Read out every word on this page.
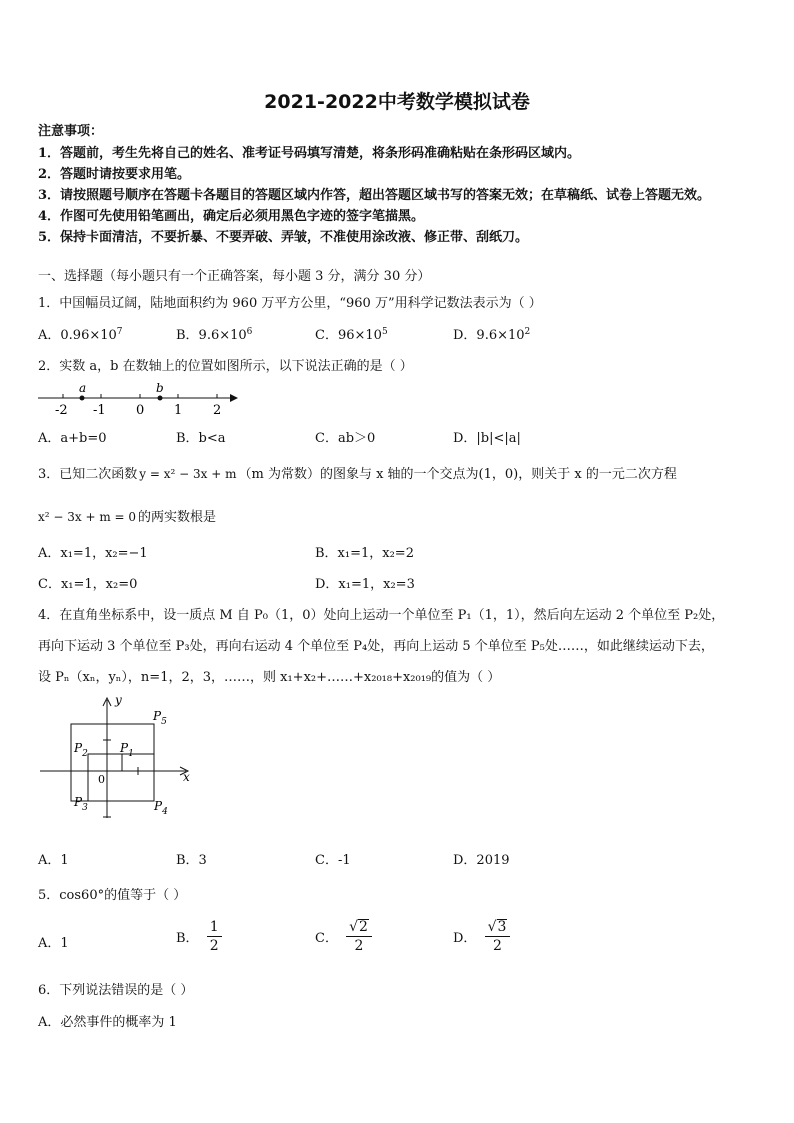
2021-2022中考数学模拟试卷
注意事项：
1．答题前，考生先将自己的姓名、准考证号码填写清楚，将条形码准确粘贴在条形码区域内。
2．答题时请按要求用笔。
3．请按照题号顺序在答题卡各题目的答题区域内作答，超出答题区域书写的答案无效；在草稿纸、试卷上答题无效。
4．作图可先使用铅笔画出，确定后必须用黑色字迹的签字笔描黑。
5．保持卡面清洁，不要折暴、不要弄破、弄皱，不准使用涂改液、修正带、刮纸刀。
一、选择题（每小题只有一个正确答案，每小题 3 分，满分 30 分）
1．中国幅员辽阔，陆地面积约为 960 万平方公里，“960 万”用科学记数法表示为（ ）
A．$0.96\times 10^7$	B．$9.6\times 10^6$	C．$96\times 10^5$	D．$9.6\times 10^2$
2．实数 a，b 在数轴上的位置如图所示，以下说法正确的是（ ）
a	b
-2 -1 0 1 2
A．a+b=0	B．b<a	C．ab＞0	D．|b|<|a|
3．已知二次函数 y = x² − 3x + m （m 为常数）的图象与 x 轴的一个交点为(1，0)，则关于 x 的一元二次方程
x² − 3x + m = 0 的两实数根是
A．x₁=1，x₂=−1	B．x₁=1，x₂=2
C．x₁=1，x₂=0	D．x₁=1，x₂=3
4．在直角坐标系中，设一质点 M 自 P₀（1，0）处向上运动一个单位至 P₁（1，1），然后向左运动 2 个单位至 P₂处，
再向下运动 3 个单位至 P₃处，再向右运动 4 个单位至 P₄处，再向上运动 5 个单位至 P₅处……，如此继续运动下去，
设 Pₙ（xₙ，yₙ），n=1，2，3，……，则 x₁+x₂+……+x₂₀₁₈+x₂₀₁₉的值为（ ）
x
y
0
$P_1$
$P_2$
$P_3$	$P_4$
$P_5$
A．1	B．3	C．-1	D．2019
5．cos60°的值等于（ ）
A．1	B． $\frac{1}{2}$	C． $\frac{√ 2}{2}$	D． $\frac{√ 3}{2}$
6．下列说法错误的是（ ）
A．必然事件的概率为 1
